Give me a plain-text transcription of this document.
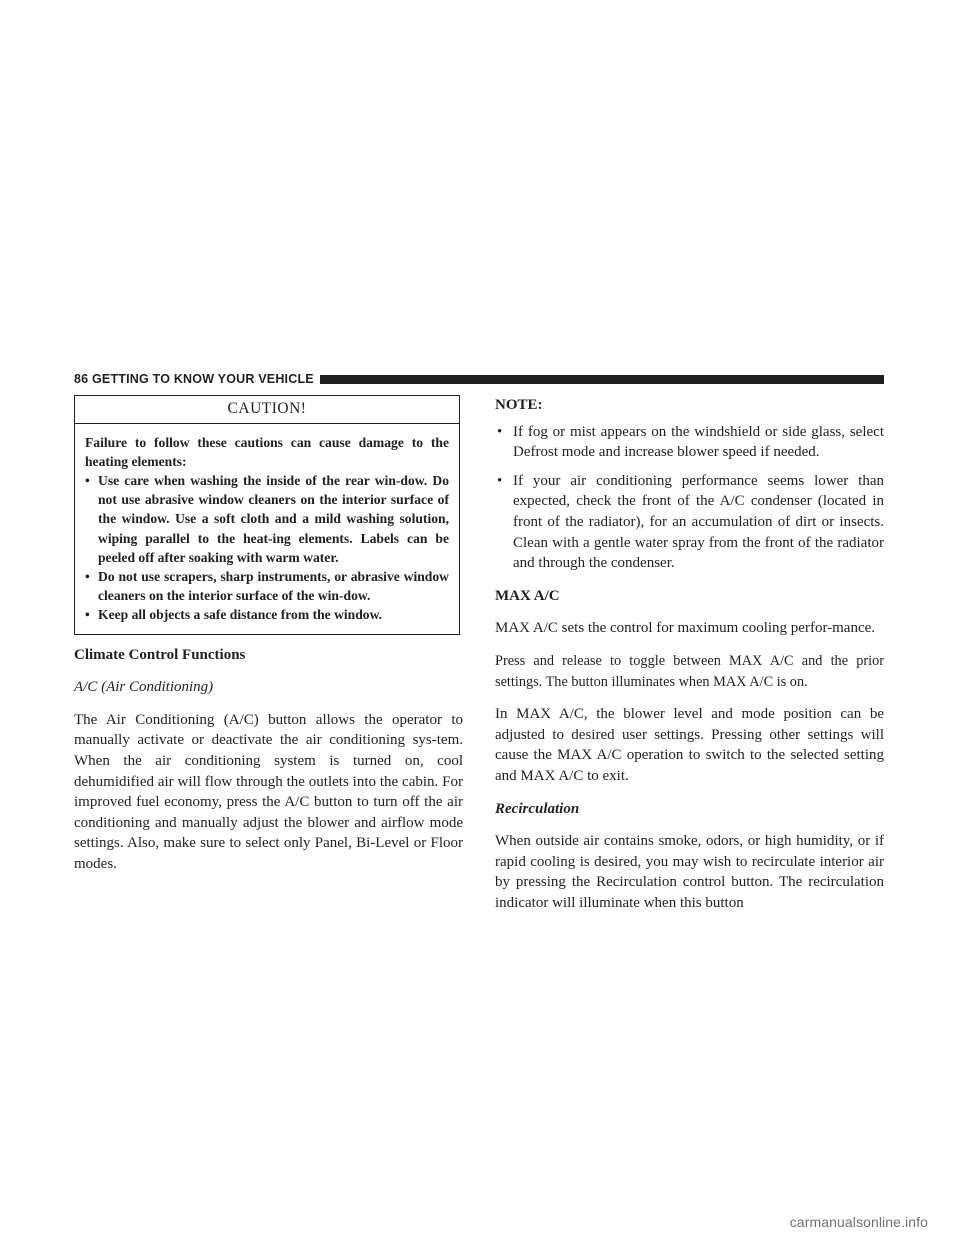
86 GETTING TO KNOW YOUR VEHICLE
CAUTION!

Failure to follow these cautions can cause damage to the heating elements:

• Use care when washing the inside of the rear win-dow. Do not use abrasive window cleaners on the interior surface of the window. Use a soft cloth and a mild washing solution, wiping parallel to the heat-ing elements. Labels can be peeled off after soaking with warm water.
• Do not use scrapers, sharp instruments, or abrasive window cleaners on the interior surface of the win-dow.
• Keep all objects a safe distance from the window.

Climate Control Functions

A/C (Air Conditioning)

The Air Conditioning (A/C) button allows the operator to manually activate or deactivate the air conditioning sys-tem. When the air conditioning system is turned on, cool dehumidified air will flow through the outlets into the cabin. For improved fuel economy, press the A/C button to turn off the air conditioning and manually adjust the blower and airflow mode settings. Also, make sure to select only Panel, Bi-Level or Floor modes.

NOTE:

• If fog or mist appears on the windshield or side glass, select Defrost mode and increase blower speed if needed.
• If your air conditioning performance seems lower than expected, check the front of the A/C condenser (located in front of the radiator), for an accumulation of dirt or insects. Clean with a gentle water spray from the front of the radiator and through the condenser.

MAX A/C

MAX A/C sets the control for maximum cooling perfor-mance.

Press and release to toggle between MAX A/C and the prior settings. The button illuminates when MAX A/C is on.

In MAX A/C, the blower level and mode position can be adjusted to desired user settings. Pressing other settings will cause the MAX A/C operation to switch to the selected setting and MAX A/C to exit.

Recirculation

When outside air contains smoke, odors, or high humidity, or if rapid cooling is desired, you may wish to recirculate interior air by pressing the Recirculation control button. The recirculation indicator will illuminate when this button

carmanualsonline.info
